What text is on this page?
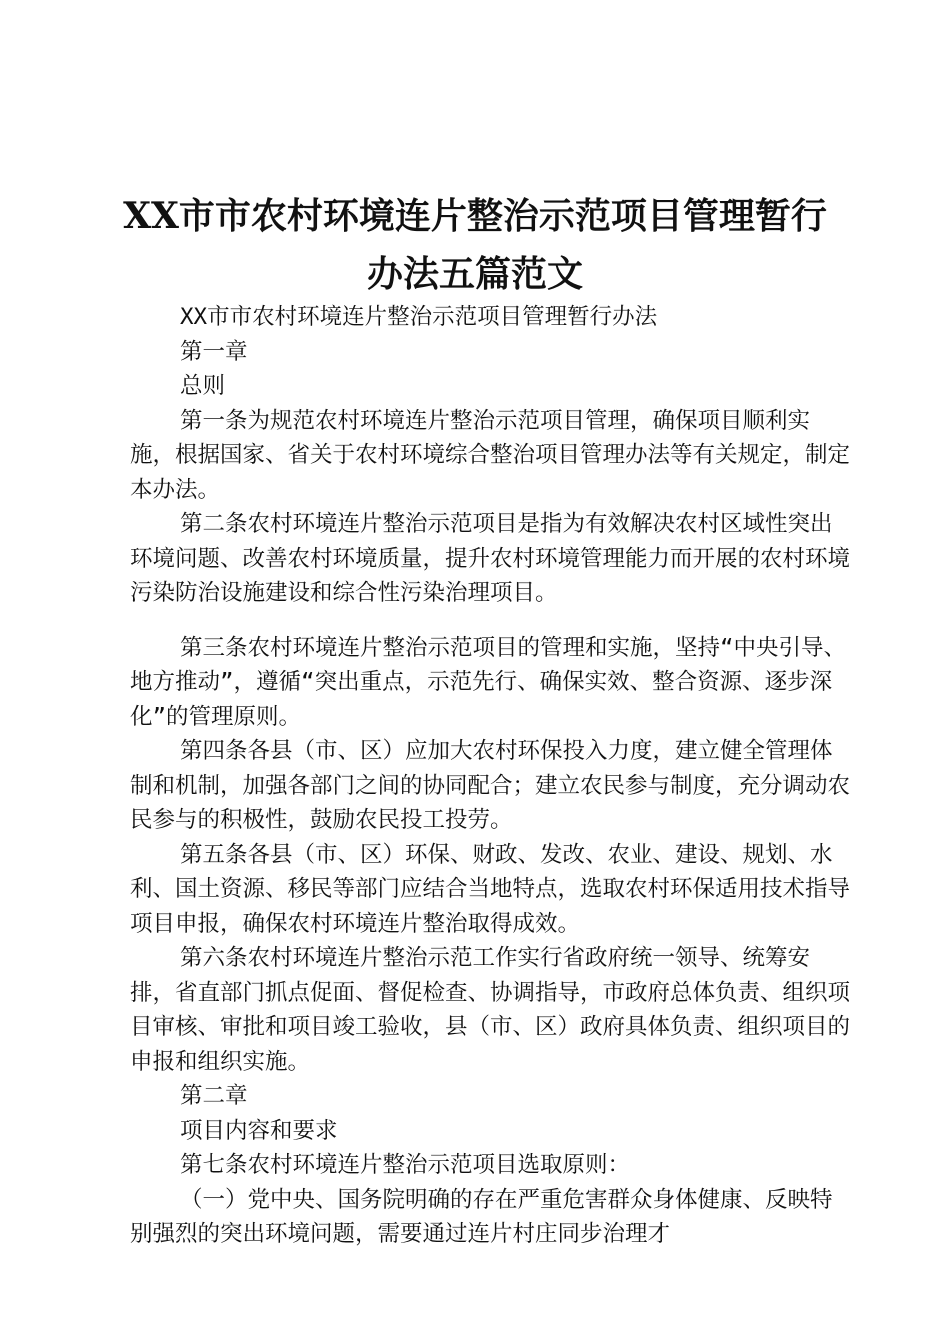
XX市市农村环境连片整治示范项目管理暂行
办法五篇范文

XX市市农村环境连片整治示范项目管理暂行办法

第一章

总则

第一条为规范农村环境连片整治示范项目管理，确保项目顺利实施，根据国家、省关于农村环境综合整治项目管理办法等有关规定，制定本办法。

第二条农村环境连片整治示范项目是指为有效解决农村区域性突出环境问题、改善农村环境质量，提升农村环境管理能力而开展的农村环境污染防治设施建设和综合性污染治理项目。

第三条农村环境连片整治示范项目的管理和实施，坚持“中央引导、地方推动”，遵循“突出重点，示范先行、确保实效、整合资源、逐步深化”的管理原则。

第四条各县（市、区）应加大农村环保投入力度，建立健全管理体制和机制，加强各部门之间的协同配合；建立农民参与制度，充分调动农民参与的积极性，鼓励农民投工投劳。

第五条各县（市、区）环保、财政、发改、农业、建设、规划、水利、国土资源、移民等部门应结合当地特点，选取农村环保适用技术指导项目申报，确保农村环境连片整治取得成效。

第六条农村环境连片整治示范工作实行省政府统一领导、统筹安排，省直部门抓点促面、督促检查、协调指导，市政府总体负责、组织项目审核、审批和项目竣工验收，县（市、区）政府具体负责、组织项目的申报和组织实施。

第二章

项目内容和要求

第七条农村环境连片整治示范项目选取原则：

（一）党中央、国务院明确的存在严重危害群众身体健康、反映特别强烈的突出环境问题，需要通过连片村庄同步治理才
